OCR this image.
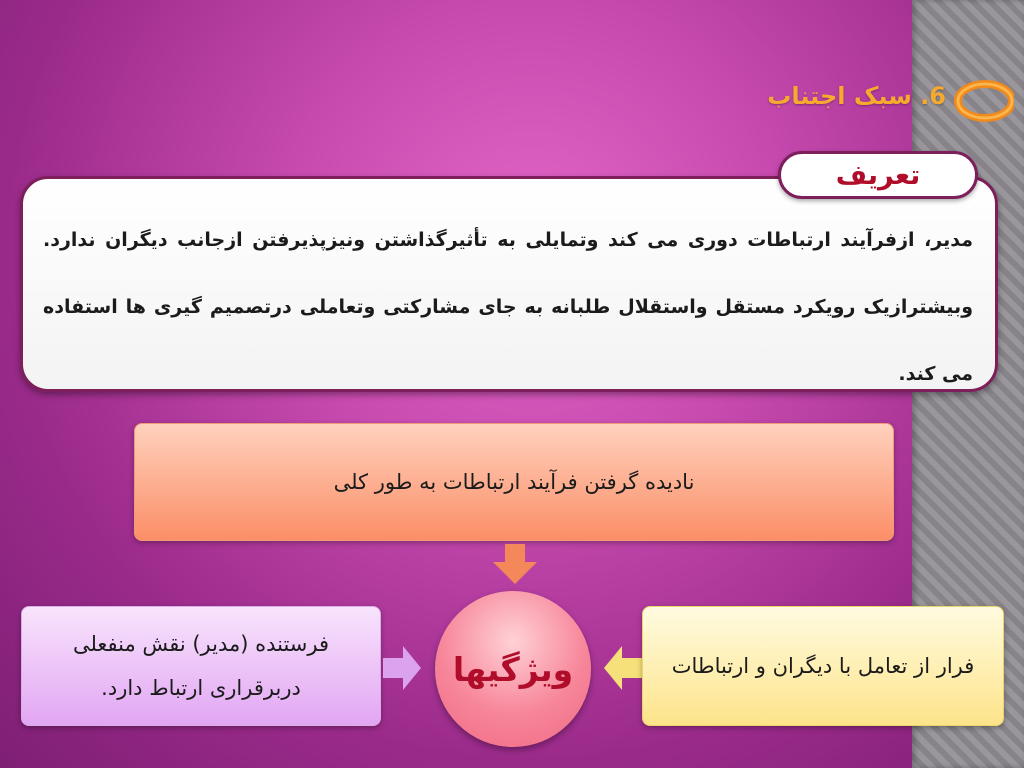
6. سبک اجتناب
مدیر، ازفرآیند ارتباطات دوری می کند وتمایلی به تأثیرگذاشتن ونیزپذیرفتن ازجانب دیگران ندارد. وبیشترازیک رویکرد مستقل واستقلال طلبانه به جای مشارکتی وتعاملی درتصمیم گیری ها استفاده می کند.
تعریف
نادیده گرفتن فرآیند ارتباطات به طور کلی
ویژگیها
فرستنده (مدیر) نقش منفعلی دربرقراری ارتباط دارد.
فرار از تعامل با دیگران و ارتباطات
